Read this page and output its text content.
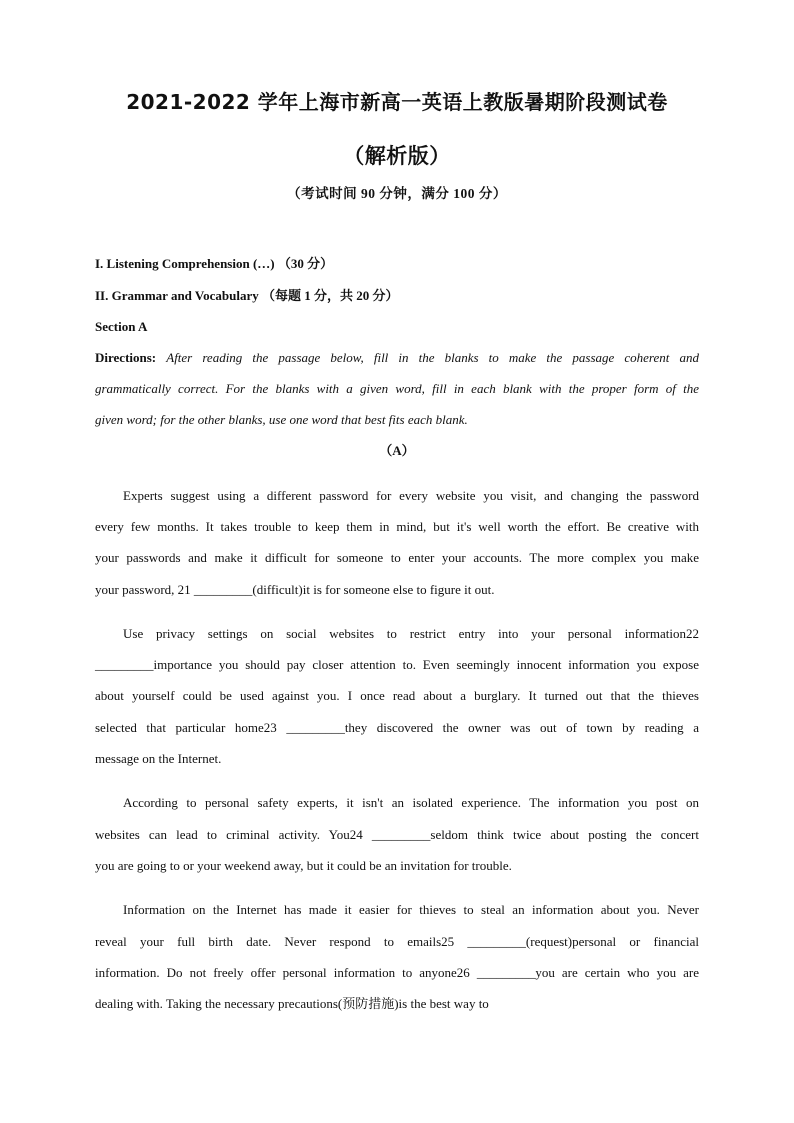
2021-2022 学年上海市新高一英语上教版暑期阶段测试卷
（解析版）
（考试时间 90 分钟，满分 100 分）
I. Listening Comprehension (…) （30 分）
II. Grammar and Vocabulary （每题 1 分，共 20 分）
Section A
Directions: After reading the passage below, fill in the blanks to make the passage coherent and
grammatically correct. For the blanks with a given word, fill in each blank with the proper form of the
given word; for the other blanks, use one word that best fits each blank.
（A）
Experts suggest using a different password for every website you visit, and changing the password
every few months. It takes trouble to keep them in mind, but it's well worth the effort. Be creative with
your passwords and make it difficult for someone to enter your accounts. The more complex you make
your password, 21 _________(difficult)it is for someone else to figure it out.
Use privacy settings on social websites to restrict entry into your personal information22
_________importance you should pay closer attention to. Even seemingly innocent information you expose
about yourself could be used against you. I once read about a burglary. It turned out that the thieves
selected that particular home23 _________they discovered the owner was out of town by reading a
message on the Internet.
According to personal safety experts, it isn't an isolated experience. The information you post on
websites can lead to criminal activity. You24 _________seldom think twice about posting the concert
you are going to or your weekend away, but it could be an invitation for trouble.
Information on the Internet has made it easier for thieves to steal an information about you. Never
reveal your full birth date. Never respond to emails25 _________(request)personal or financial
information. Do not freely offer personal information to anyone26 _________you are certain who you are
dealing with. Taking the necessary precautions(预防措施)is the best way to
